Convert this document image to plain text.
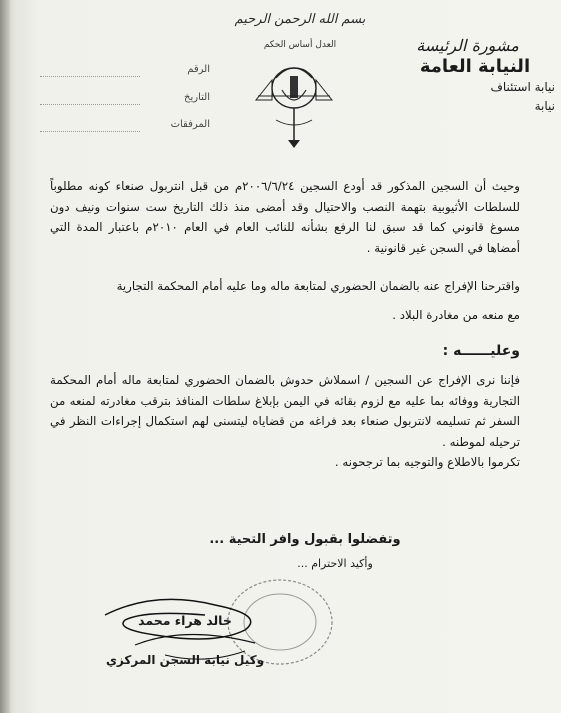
بسم الله الرحمن الرحيم
العدل أساس الحكم	مشورة الرئيسة
النيابة العامة
نيابة استئناف
نيابة
الرقم
التاريخ
المرفقات

وحيث أن السجين المذكور قد أودع السجين ٢٠٠٦/٦/٢٤م من قبل انتربول صنعاء كونه مطلوباً للسلطات الأثيوبية بتهمة النصب والاحتيال وقد أمضى منذ ذلك التاريخ ست سنوات ونيف دون مسوغ قانوني كما قد سبق لنا الرفع بشأنه للنائب العام في العام ٢٠١٠م باعتبار المدة التي أمضاها في السجن غير قانونية .

واقترحنا الإفراج عنه بالضمان الحضوري لمتابعة ماله وما عليه أمام المحكمة التجارية

مع منعه من مغادرة البلاد .

وعليــــــه :

فإننا نرى الإفراج عن السجين / اسملاش حدوش بالضمان الحضوري لمتابعة ماله أمام المحكمة التجارية ووفائه بما عليه مع لزوم بقائه في اليمن بإبلاغ سلطات المنافذ بترقب مغادرته لمنعه من السفر ثم تسليمه لانتربول صنعاء بعد فراغه من قضاياه ليتسنى لهم استكمال إجراءات النظر في ترحيله لموطنه .

تكرموا بالاطلاع والتوجيه بما ترجحونه .

وتفضلوا بقبول وافر التحية ...
وأكيد الاحترام ...
خالد هراء محمد
وكيل نيابة السجن المركزي
